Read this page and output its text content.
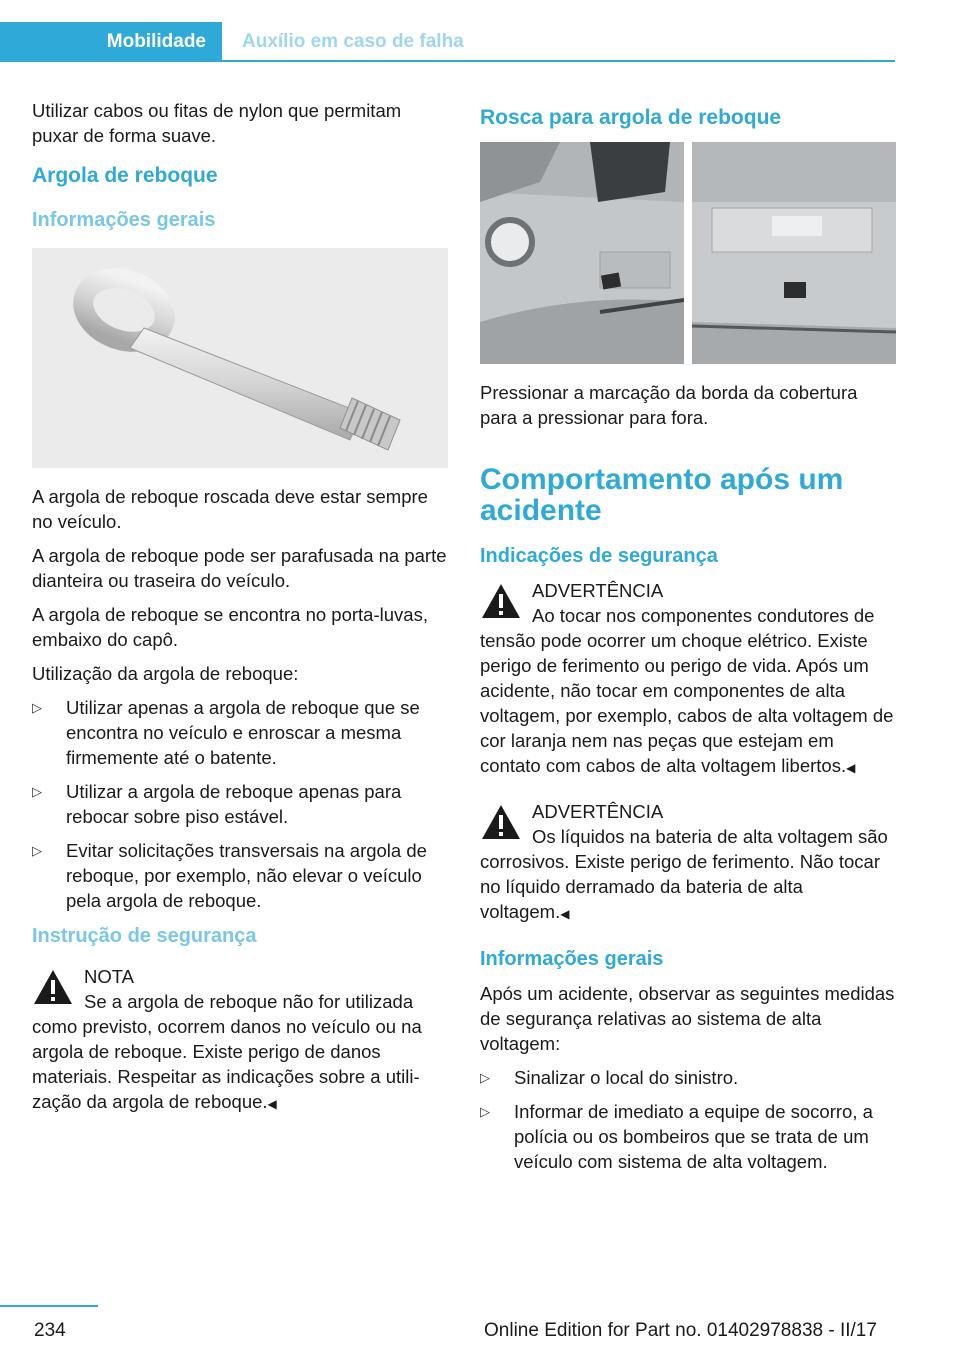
Mobilidade Auxílio em caso de falha

Utilizar cabos ou fitas de nylon que permitam puxar de forma suave.

Argola de reboque
Informações gerais

A argola de reboque roscada deve estar sempre no veículo.

A argola de reboque pode ser parafusada na parte dianteira ou traseira do veículo.

A argola de reboque se encontra no porta-luvas, embaixo do capô.

Utilização da argola de reboque:

▷ Utilizar apenas a argola de reboque que se encontra no veículo e enroscar a mesma firmemente até o batente.
▷ Utilizar a argola de reboque apenas para rebocar sobre piso estável.
▷ Evitar solicitações transversais na argola de reboque, por exemplo, não elevar o veículo pela argola de reboque.
Instrução de segurança
NOTA
Se a argola de reboque não for utilizada como previsto, ocorrem danos no veículo ou na argola de reboque. Existe perigo de danos materiais. Respeitar as indicações sobre a utilização da argola de reboque.◀
Rosca para argola de reboque

Pressionar a marcação da borda da cobertura para a pressionar para fora.

Comportamento após um acidente
Indicações de segurança
ADVERTÊNCIA
Ao tocar nos componentes condutores de tensão pode ocorrer um choque elétrico. Existe perigo de ferimento ou perigo de vida. Após um acidente, não tocar em componentes de alta voltagem, por exemplo, cabos de alta voltagem de cor laranja nem nas peças que estejam em contato com cabos de alta voltagem libertos.◀
ADVERTÊNCIA
Os líquidos na bateria de alta voltagem são corrosivos. Existe perigo de ferimento. Não tocar no líquido derramado da bateria de alta voltagem.◀
Informações gerais

Após um acidente, observar as seguintes medidas de segurança relativas ao sistema de alta voltagem:

▷ Sinalizar o local do sinistro.
▷ Informar de imediato a equipe de socorro, a polícia ou os bombeiros que se trata de um veículo com sistema de alta voltagem.
234	Online Edition for Part no. 01402978838 - II/17
